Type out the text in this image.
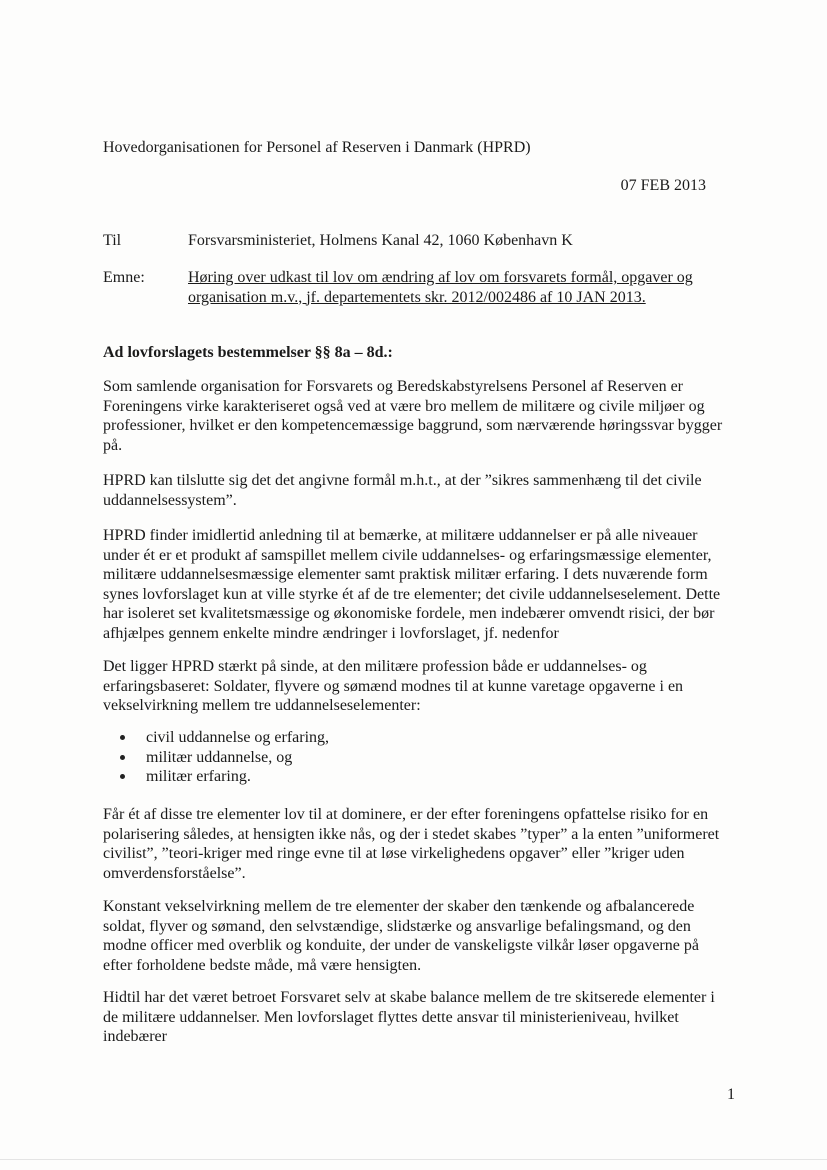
Hovedorganisationen for Personel af Reserven i Danmark (HPRD)
07 FEB 2013
Til	Forsvarsministeriet, Holmens Kanal 42, 1060 København K
Emne:	Høring over udkast til lov om ændring af lov om forsvarets formål, opgaver og organisation m.v., jf. departementets skr. 2012/002486 af 10 JAN 2013.
Ad lovforslagets bestemmelser §§ 8a – 8d.:
Som samlende organisation for Forsvarets og Beredskabstyrelsens Personel af Reserven er Foreningens virke karakteriseret også ved at være bro mellem de militære og civile miljøer og professioner, hvilket er den kompetencemæssige baggrund, som nærværende høringssvar bygger på.
HPRD kan tilslutte sig det det angivne formål m.h.t., at der ”sikres sammenhæng til det civile uddannelsessystem”.
HPRD finder imidlertid anledning til at bemærke, at militære uddannelser er på alle niveauer under ét er et produkt af samspillet mellem civile uddannelses- og erfaringsmæssige elementer, militære uddannelsesmæssige elementer samt praktisk militær erfaring. I dets nuværende form synes lovforslaget kun at ville styrke ét af de tre elementer; det civile uddannelseselement. Dette har isoleret set kvalitetsmæssige og økonomiske fordele, men indebærer omvendt risici, der bør afhjælpes gennem enkelte mindre ændringer i lovforslaget, jf. nedenfor
Det ligger HPRD stærkt på sinde, at den militære profession både er uddannelses- og erfaringsbaseret: Soldater, flyvere og sømænd modnes til at kunne varetage opgaverne i en vekselvirkning mellem tre uddannelseselementer:
civil uddannelse og erfaring,
militær uddannelse, og
militær erfaring.
Får ét af disse tre elementer lov til at dominere, er der efter foreningens opfattelse risiko for en polarisering således, at hensigten ikke nås, og der i stedet skabes ”typer” a la enten ”uniformeret civilist”, ”teori-kriger med ringe evne til at løse virkelighedens opgaver” eller ”kriger uden omverdensforståelse”.
Konstant vekselvirkning mellem de tre elementer der skaber den tænkende og afbalancerede soldat, flyver og sømand, den selvstændige, slidstærke og ansvarlige befalingsmand, og den modne officer med overblik og konduite, der under de vanskeligste vilkår løser opgaverne på efter forholdene bedste måde, må være hensigten.
Hidtil har det været betroet Forsvaret selv at skabe balance mellem de tre skitserede elementer i de militære uddannelser. Men lovforslaget flyttes dette ansvar til ministerieniveau, hvilket indebærer
1
